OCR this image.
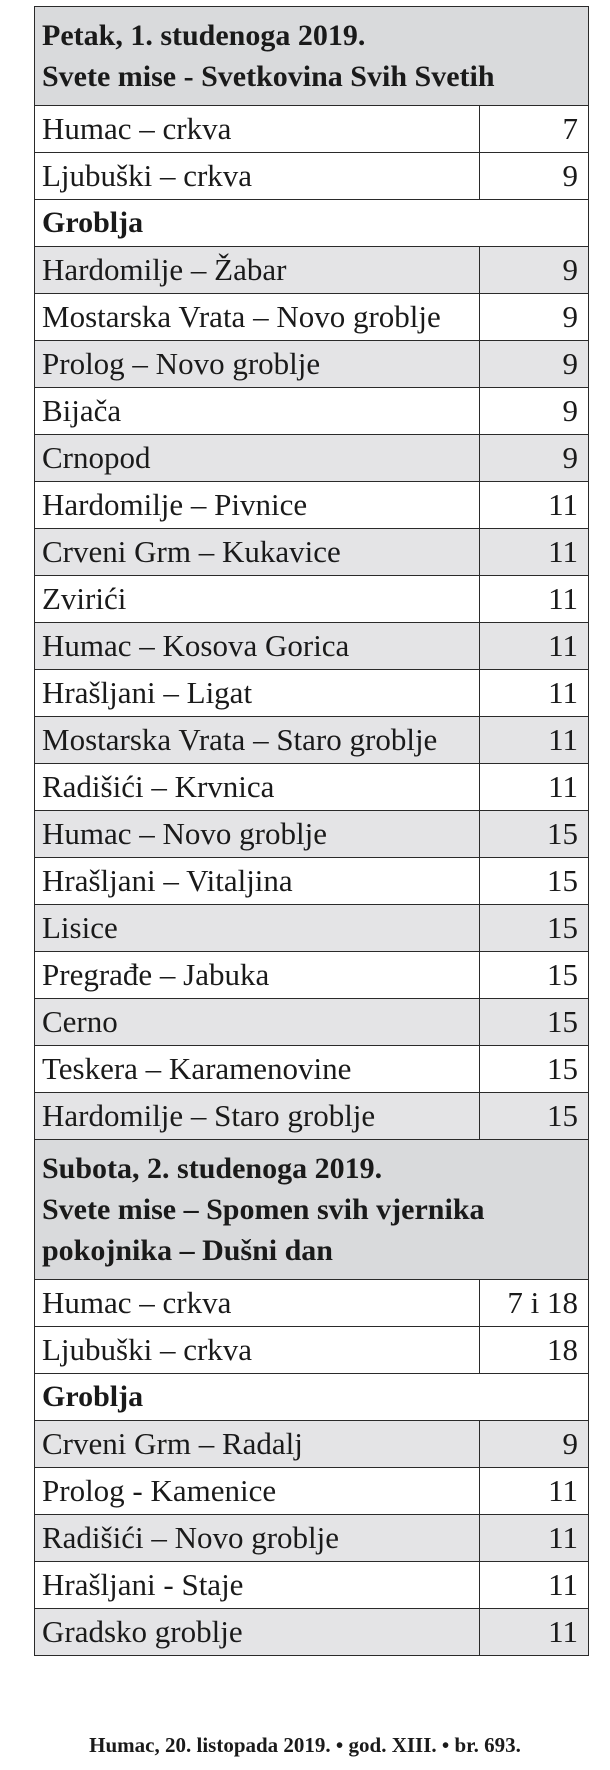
Petak, 1. studenoga 2019.
Svete mise - Svetkovina Svih Svetih	

Humac – crkva	7
Ljubuški – crkva	9
Groblja	
Hardomilje – Žabar	9
Mostarska Vrata – Novo groblje	9
Prolog – Novo groblje	9
Bijača	9
Crnopod	9
Hardomilje – Pivnice	11
Crveni Grm – Kukavice	11
Zvirići	11
Humac – Kosova Gorica	11
Hrašljani – Ligat	11
Mostarska Vrata – Staro groblje	11
Radišići – Krvnica	11
Humac – Novo groblje	15
Hrašljani – Vitaljina	15
Lisice	15
Pregrađe – Jabuka	15
Cerno	15
Teskera – Karamenovine	15
Hardomilje – Staro groblje	15

Subota, 2. studenoga 2019.
Svete mise – Spomen svih vjernika
pokojnika – Dušni dan	

Humac – crkva	7 i 18
Ljubuški – crkva	18
Groblja	
Crveni Grm – Radalj	9
Prolog - Kamenice	11
Radišići – Novo groblje	11
Hrašljani - Staje	11
Gradsko groblje	11
Humac, 20. listopada 2019. • god. XIII. • br. 693.
